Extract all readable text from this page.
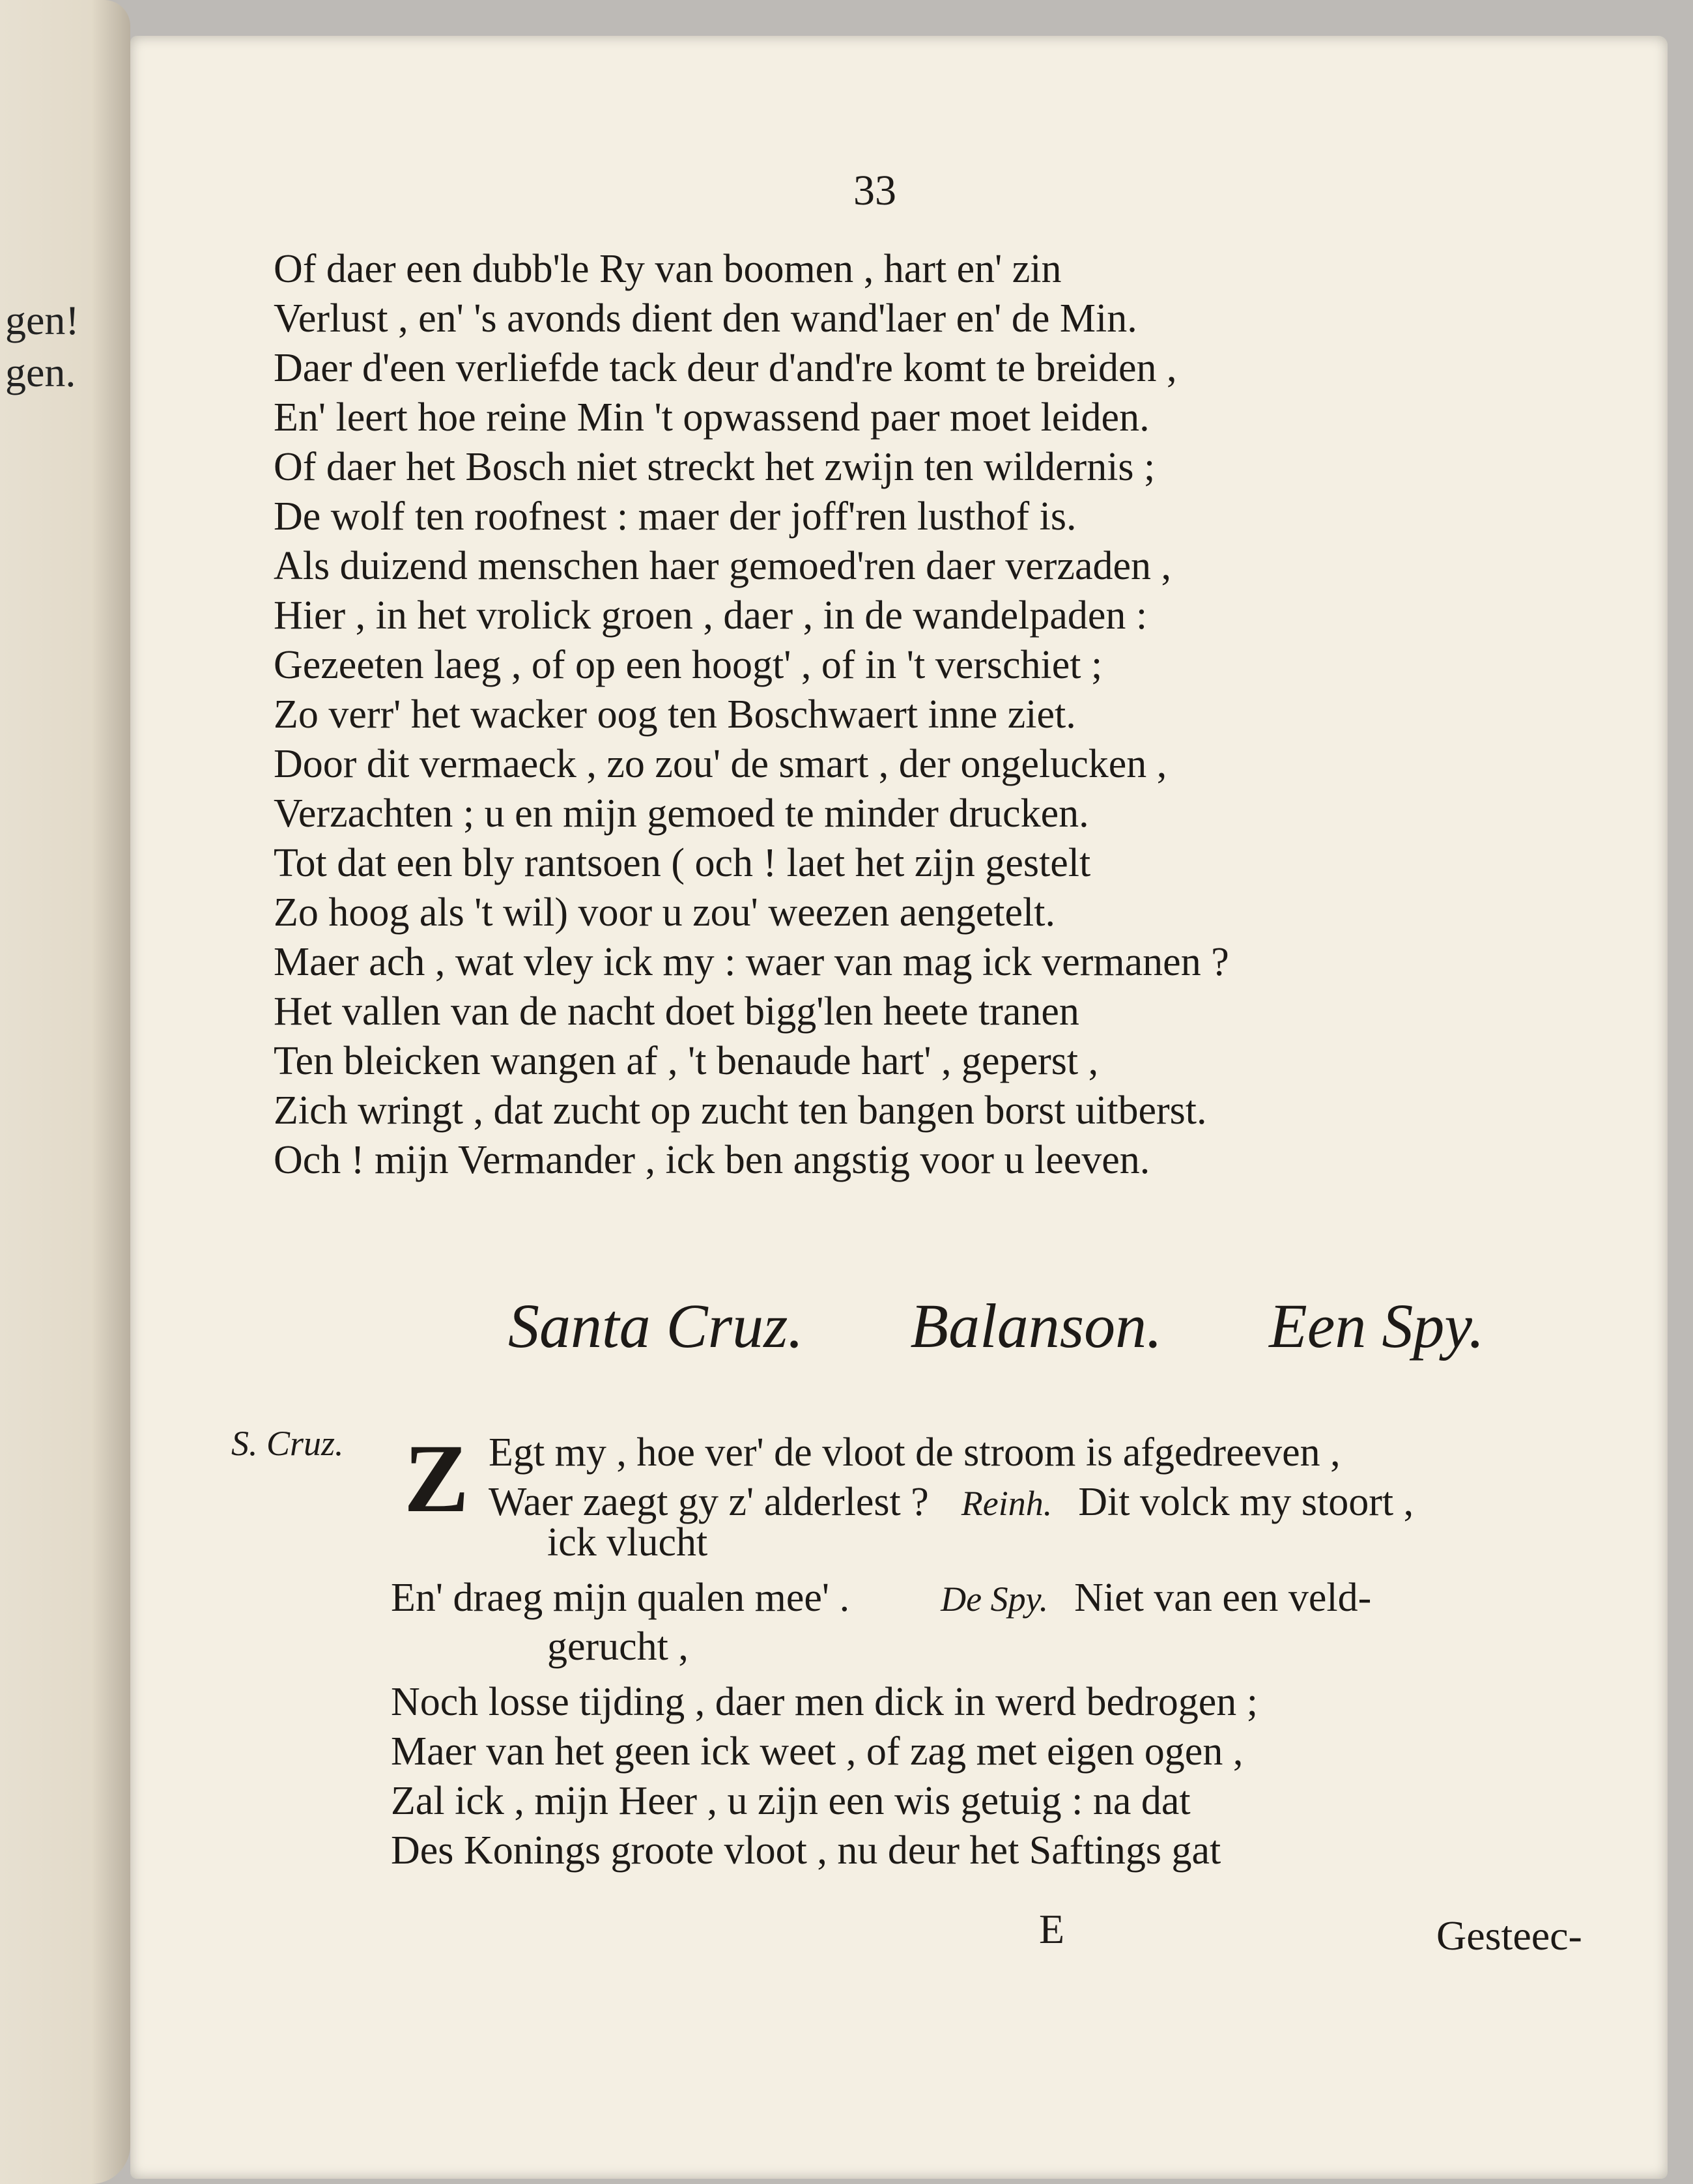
gen!
gen.
33
Of daer een dubb'le Ry van boomen , hart en' zin
Verlust , en' 's avonds dient den wand'laer en' de Min.
Daer d'een verliefde tack deur d'and're komt te breiden ,
En' leert hoe reine Min 't opwassend paer moet leiden.
Of daer het Bosch niet streckt het zwijn ten wildernis ;
De wolf ten roofnest : maer der joff'ren lusthof is.
Als duizend menschen haer gemoed'ren daer verzaden ,
Hier , in het vrolick groen , daer , in de wandelpaden :
Gezeeten laeg , of op een hoogt' , of in 't verschiet ;
Zo verr' het wacker oog ten Boschwaert inne ziet.
Door dit vermaeck , zo zou' de smart , der ongelucken ,
Verzachten ; u en mijn gemoed te minder drucken.
Tot dat een bly rantsoen ( och ! laet het zijn gestelt
Zo hoog als 't wil) voor u zou' weezen aengetelt.
Maer ach , wat vley ick my : waer van mag ick vermanen ?
Het vallen van de nacht doet bigg'len heete tranen
Ten bleicken wangen af , 't benaude hart' , geperst ,
Zich wringt , dat zucht op zucht ten bangen borst uitberst.
Och ! mijn Vermander , ick ben angstig voor u leeven.
Santa Cruz. Balanson. Een Spy.
S. Cruz. Z Egt my , hoe ver' de vloot de stroom is afgedreeven ,
Waer zaegt gy z' alderlest ? Reinh. Dit volck my stoort ,
ick vlucht
En' draeg mijn qualen mee' .	De Spy. Niet van een veld-
gerucht ,
Noch losse tijding , daer men dick in werd bedrogen ;
Maer van het geen ick weet , of zag met eigen ogen ,
Zal ick , mijn Heer , u zijn een wis getuig : na dat
Des Konings groote vloot , nu deur het Saftings gat
E	Gesteec-
